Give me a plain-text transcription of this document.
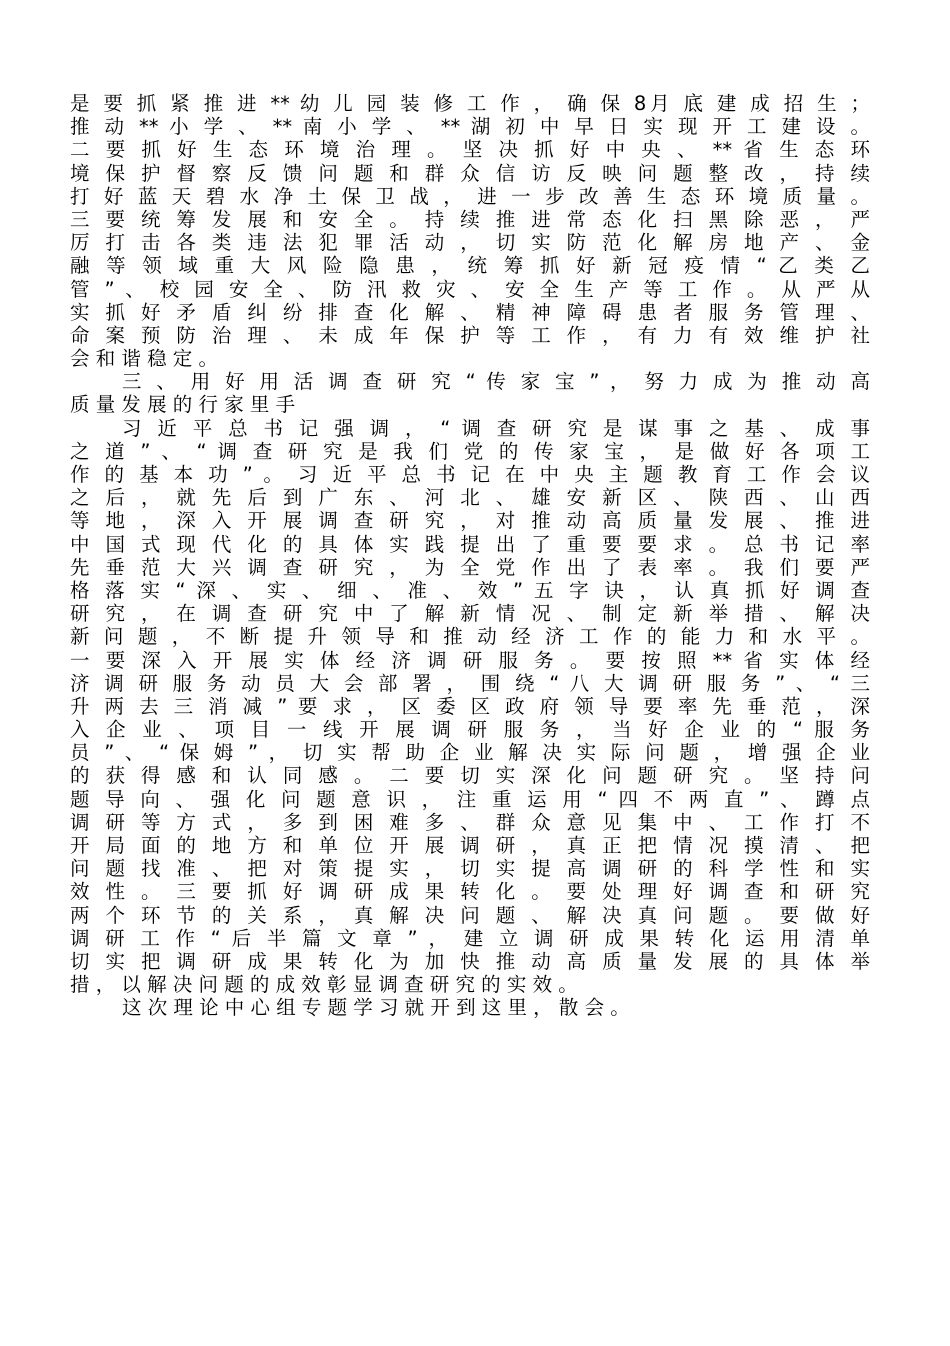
是 要 抓 紧 推 进 ** 幼 儿 园 装 修 工 作 ， 确 保 8月 底 建 成 招 生 ；
推 动 ** 小 学 、 ** 南 小 学 、 ** 湖 初 中 早 日 实 现 开 工 建 设 。
二 要 抓 好 生 态 环 境 治 理 。 坚 决 抓 好 中 央 、 ** 省 生 态 环
境 保 护 督 察 反 馈 问 题 和 群 众 信 访 反 映 问 题 整 改 ， 持 续
打 好 蓝 天 碧 水 净 土 保 卫 战 ， 进 一 步 改 善 生 态 环 境 质 量 。
三 要 统 筹 发 展 和 安 全 。 持 续 推 进 常 态 化 扫 黑 除 恶 ， 严
厉 打 击 各 类 违 法 犯 罪 活 动 ， 切 实 防 范 化 解 房 地 产 、 金
融 等 领 域 重 大 风 险 隐 患 ， 统 筹 抓 好 新 冠 疫 情 “ 乙 类 乙
管 ” 、 校 园 安 全 、 防 汛 救 灾 、 安 全 生 产 等 工 作 。 从 严 从
实 抓 好 矛 盾 纠 纷 排 查 化 解 、 精 神 障 碍 患 者 服 务 管 理 、
命 案 预 防 治 理 、 未 成 年 保 护 等 工 作 ， 有 力 有 效 维 护 社
会 和 谐 稳 定 。
三 、 用 好 用 活 调 查 研 究 “ 传 家 宝 ” ， 努 力 成 为 推 动 高
质 量 发 展 的 行 家 里 手
习 近 平 总 书 记 强 调 ， “ 调 查 研 究 是 谋 事 之 基 、 成 事
之 道 ” 、 “ 调 查 研 究 是 我 们 党 的 传 家 宝 ， 是 做 好 各 项 工
作 的 基 本 功 ” 。 习 近 平 总 书 记 在 中 央 主 题 教 育 工 作 会 议
之 后 ， 就 先 后 到 广 东 、 河 北 、 雄 安 新 区 、 陕 西 、 山 西
等 地 ， 深 入 开 展 调 查 研 究 ， 对 推 动 高 质 量 发 展 、 推 进
中 国 式 现 代 化 的 具 体 实 践 提 出 了 重 要 要 求 。 总 书 记 率
先 垂 范 大 兴 调 查 研 究 ， 为 全 党 作 出 了 表 率 。 我 们 要 严
格 落 实 “ 深 、 实 、 细 、 准 、 效 ” 五 字 诀 ， 认 真 抓 好 调 查
研 究 ， 在 调 查 研 究 中 了 解 新 情 况 、 制 定 新 举 措 、 解 决
新 问 题 ， 不 断 提 升 领 导 和 推 动 经 济 工 作 的 能 力 和 水 平 。
一 要 深 入 开 展 实 体 经 济 调 研 服 务 。 要 按 照 ** 省 实 体 经
济 调 研 服 务 动 员 大 会 部 署 ， 围 绕 “ 八 大 调 研 服 务 ” 、 “ 三
升 两 去 三 消 减 ” 要 求 ， 区 委 区 政 府 领 导 要 率 先 垂 范 ， 深
入 企 业 、 项 目 一 线 开 展 调 研 服 务 ， 当 好 企 业 的 “ 服 务
员 ” 、 “ 保 姆 ” ， 切 实 帮 助 企 业 解 决 实 际 问 题 ， 增 强 企 业
的 获 得 感 和 认 同 感 。 二 要 切 实 深 化 问 题 研 究 。 坚 持 问
题 导 向 、 强 化 问 题 意 识 ， 注 重 运 用 “ 四 不 两 直 ” 、 蹲 点
调 研 等 方 式 ， 多 到 困 难 多 、 群 众 意 见 集 中 、 工 作 打 不
开 局 面 的 地 方 和 单 位 开 展 调 研 ， 真 正 把 情 况 摸 清 、 把
问 题 找 准 、 把 对 策 提 实 ， 切 实 提 高 调 研 的 科 学 性 和 实
效 性 。 三 要 抓 好 调 研 成 果 转 化 。 要 处 理 好 调 查 和 研 究
两 个 环 节 的 关 系 ， 真 解 决 问 题 、 解 决 真 问 题 。 要 做 好
调 研 工 作 “ 后 半 篇 文 章 ” ， 建 立 调 研 成 果 转 化 运 用 清 单
切 实 把 调 研 成 果 转 化 为 加 快 推 动 高 质 量 发 展 的 具 体 举
措 ， 以 解 决 问 题 的 成 效 彰 显 调 查 研 究 的 实 效 。
这 次 理 论 中 心 组 专 题 学 习 就 开 到 这 里 ， 散 会 。
